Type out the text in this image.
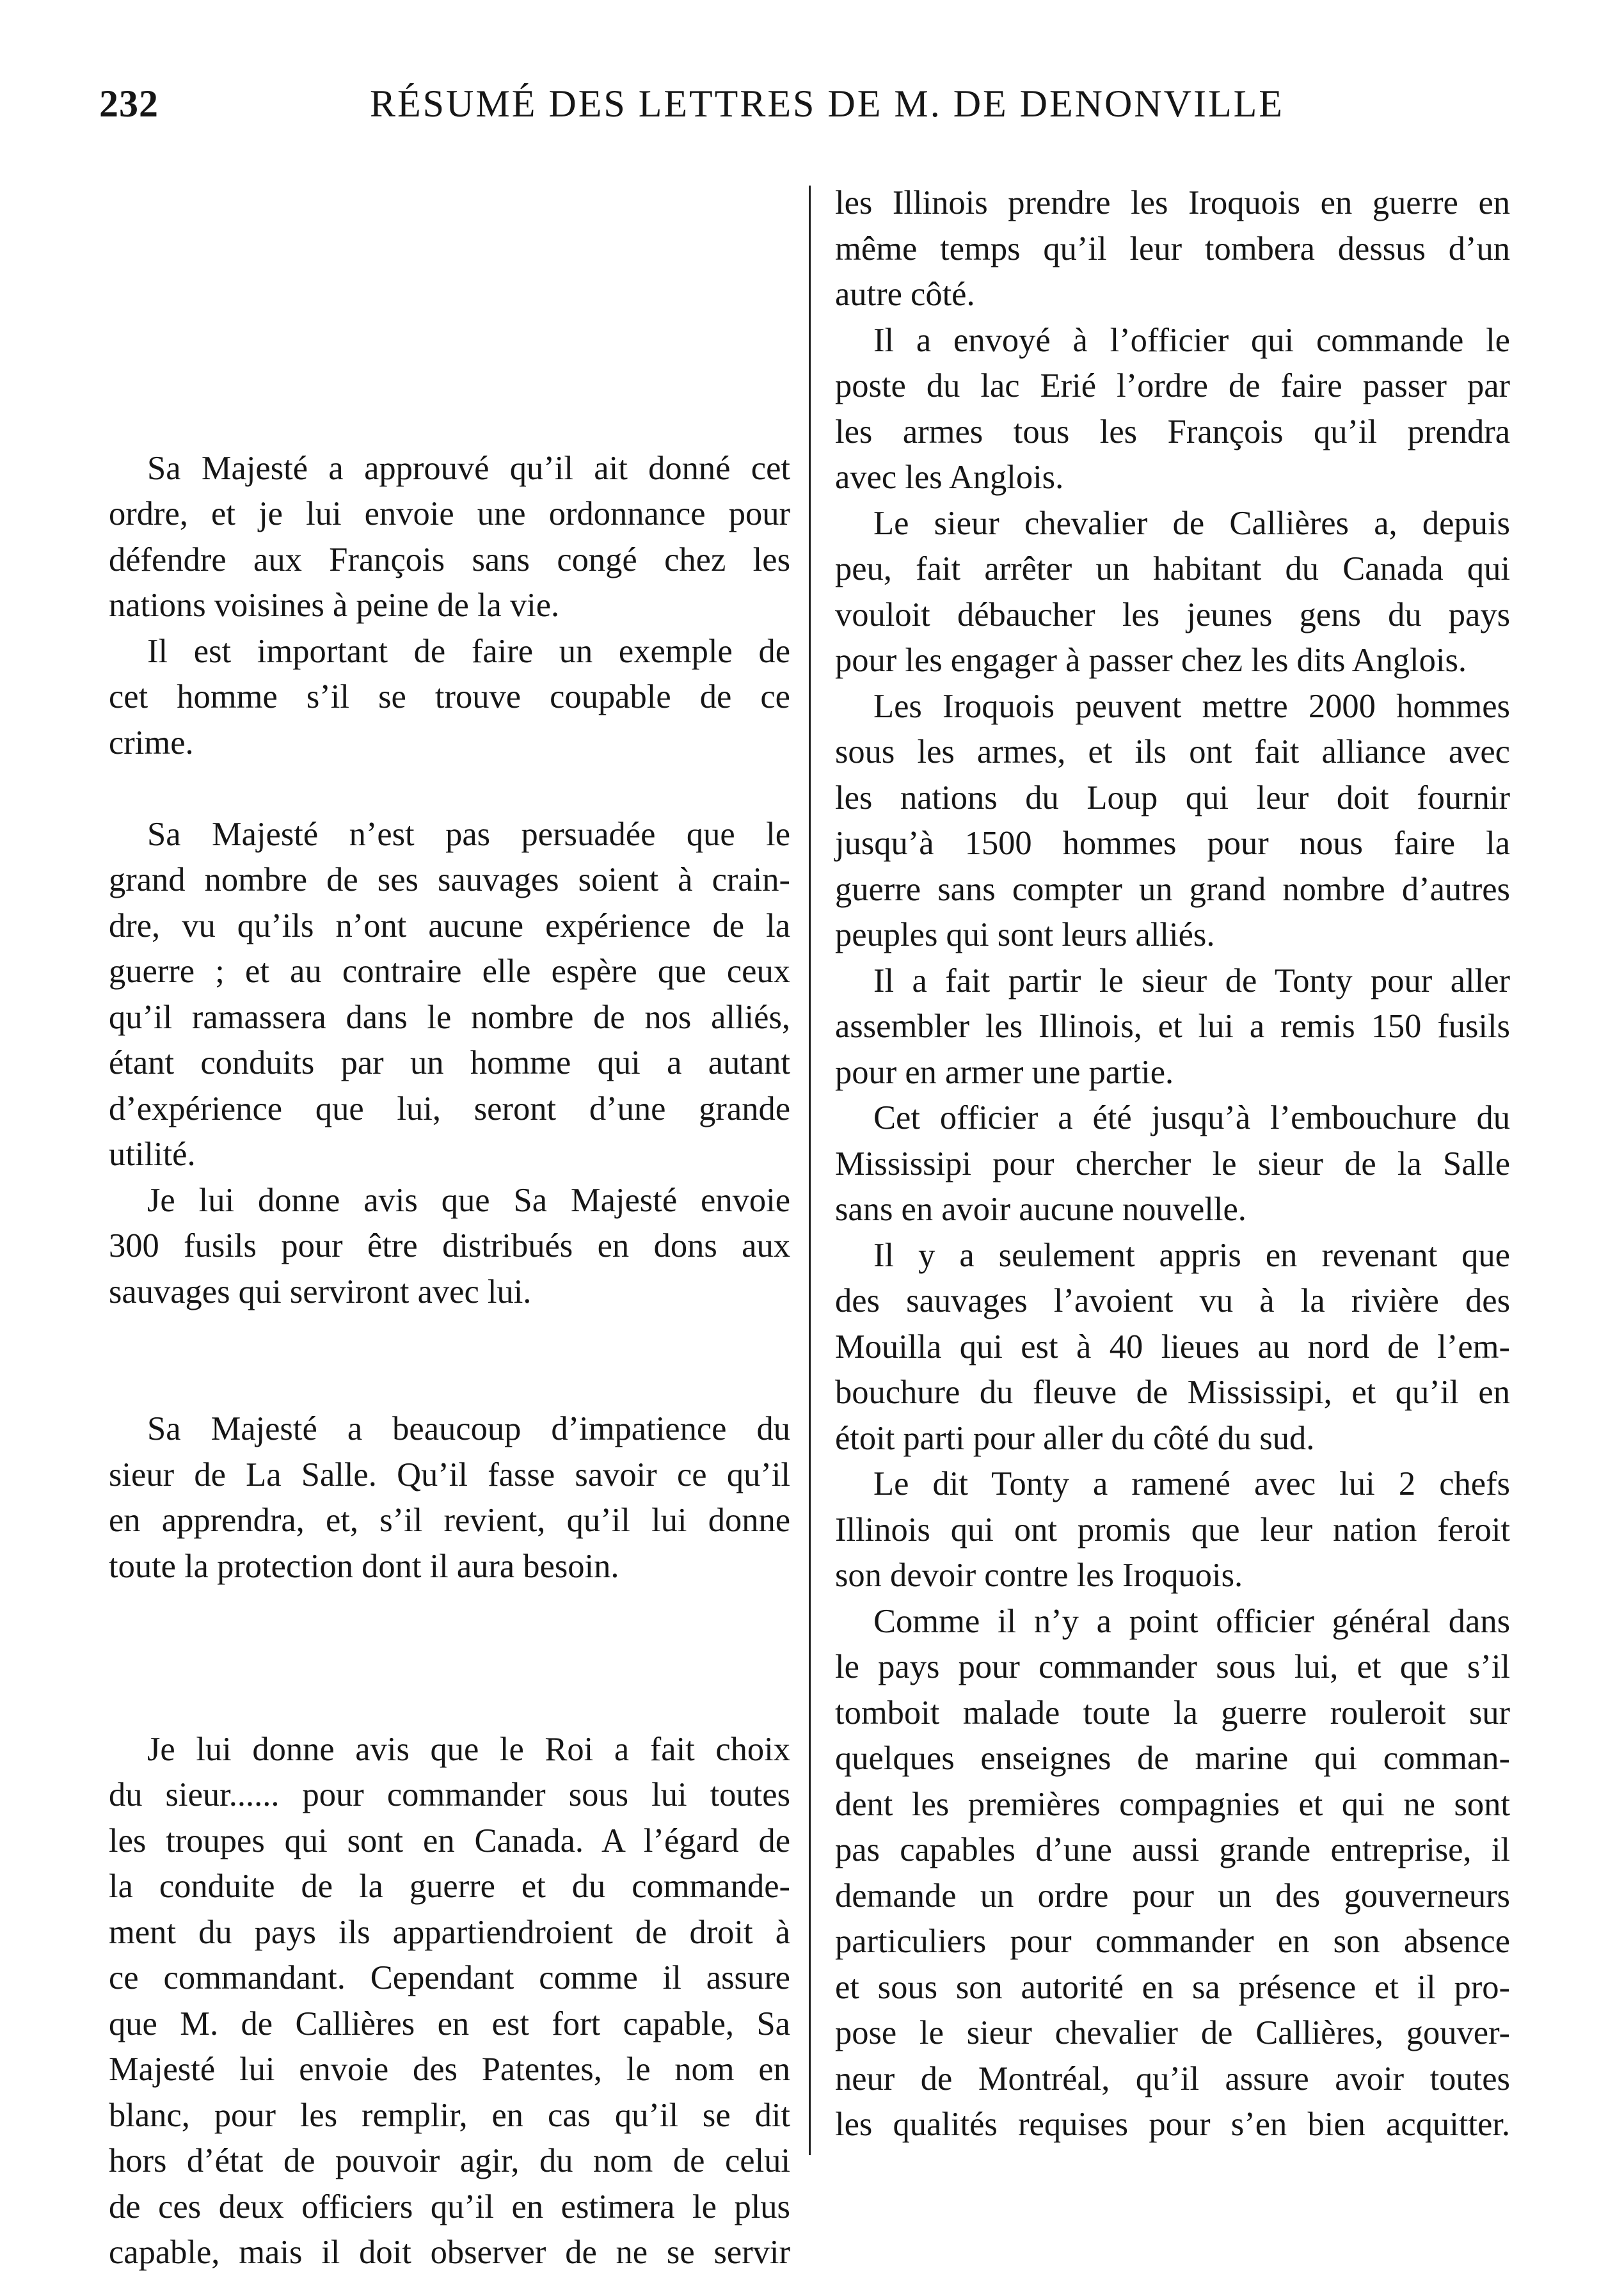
232	RÉSUMÉ DES LETTRES DE M. DE DENONVILLE
Sa Majesté a approuvé qu’il ait donné cet
ordre, et je lui envoie une ordonnance pour
défendre aux François sans congé chez les
nations voisines à peine de la vie.
Il est important de faire un exemple de
cet homme s’il se trouve coupable de ce
crime.
Sa Majesté n’est pas persuadée que le
grand nombre de ses sauvages soient à crain-
dre, vu qu’ils n’ont aucune expérience de la
guerre ; et au contraire elle espère que ceux
qu’il ramassera dans le nombre de nos alliés,
étant conduits par un homme qui a autant
d’expérience que lui, seront d’une grande
utilité.
Je lui donne avis que Sa Majesté envoie
300 fusils pour être distribués en dons aux
sauvages qui serviront avec lui.
Sa Majesté a beaucoup d’impatience du
sieur de La Salle. Qu’il fasse savoir ce qu’il
en apprendra, et, s’il revient, qu’il lui donne
toute la protection dont il aura besoin.
Je lui donne avis que le Roi a fait choix
du sieur...... pour commander sous lui toutes
les troupes qui sont en Canada. A l’égard de
la conduite de la guerre et du commande-
ment du pays ils appartiendroient de droit à
ce commandant. Cependant comme il assure
que M. de Callières en est fort capable, Sa
Majesté lui envoie des Patentes, le nom en
blanc, pour les remplir, en cas qu’il se dit
hors d’état de pouvoir agir, du nom de celui
de ces deux officiers qu’il en estimera le plus
capable, mais il doit observer de ne se servir
les Illinois prendre les Iroquois en guerre en
même temps qu’il leur tombera dessus d’un
autre côté.
Il a envoyé à l’officier qui commande le
poste du lac Erié l’ordre de faire passer par
les armes tous les François qu’il prendra
avec les Anglois.
Le sieur chevalier de Callières a, depuis
peu, fait arrêter un habitant du Canada qui
vouloit débaucher les jeunes gens du pays
pour les engager à passer chez les dits Anglois.
Les Iroquois peuvent mettre 2000 hommes
sous les armes, et ils ont fait alliance avec
les nations du Loup qui leur doit fournir
jusqu’à 1500 hommes pour nous faire la
guerre sans compter un grand nombre d’autres
peuples qui sont leurs alliés.
Il a fait partir le sieur de Tonty pour aller
assembler les Illinois, et lui a remis 150 fusils
pour en armer une partie.
Cet officier a été jusqu’à l’embouchure du
Mississipi pour chercher le sieur de la Salle
sans en avoir aucune nouvelle.
Il y a seulement appris en revenant que
des sauvages l’avoient vu à la rivière des
Mouilla qui est à 40 lieues au nord de l’em-
bouchure du fleuve de Mississipi, et qu’il en
étoit parti pour aller du côté du sud.
Le dit Tonty a ramené avec lui 2 chefs
Illinois qui ont promis que leur nation feroit
son devoir contre les Iroquois.
Comme il n’y a point officier général dans
le pays pour commander sous lui, et que s’il
tomboit malade toute la guerre rouleroit sur
quelques enseignes de marine qui comman-
dent les premières compagnies et qui ne sont
pas capables d’une aussi grande entreprise, il
demande un ordre pour un des gouverneurs
particuliers pour commander en son absence
et sous son autorité en sa présence et il pro-
pose le sieur chevalier de Callières, gouver-
neur de Montréal, qu’il assure avoir toutes
les qualités requises pour s’en bien acquitter.
